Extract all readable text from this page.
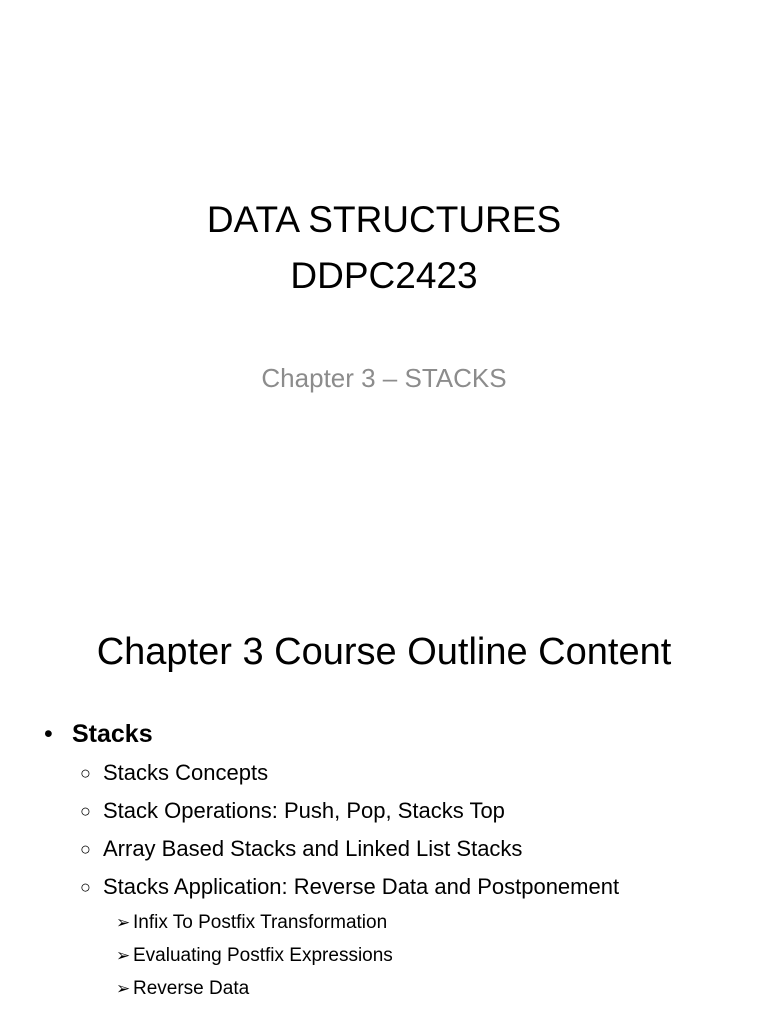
DATA STRUCTURES
DDPC2423
Chapter 3 – STACKS
Chapter 3 Course Outline Content
• Stacks
○ Stacks Concepts
○ Stack Operations: Push, Pop, Stacks Top
○ Array Based Stacks and Linked List Stacks
○ Stacks Application: Reverse Data and Postponement
➢ Infix To Postfix Transformation
➢ Evaluating Postfix Expressions
➢ Reverse Data
